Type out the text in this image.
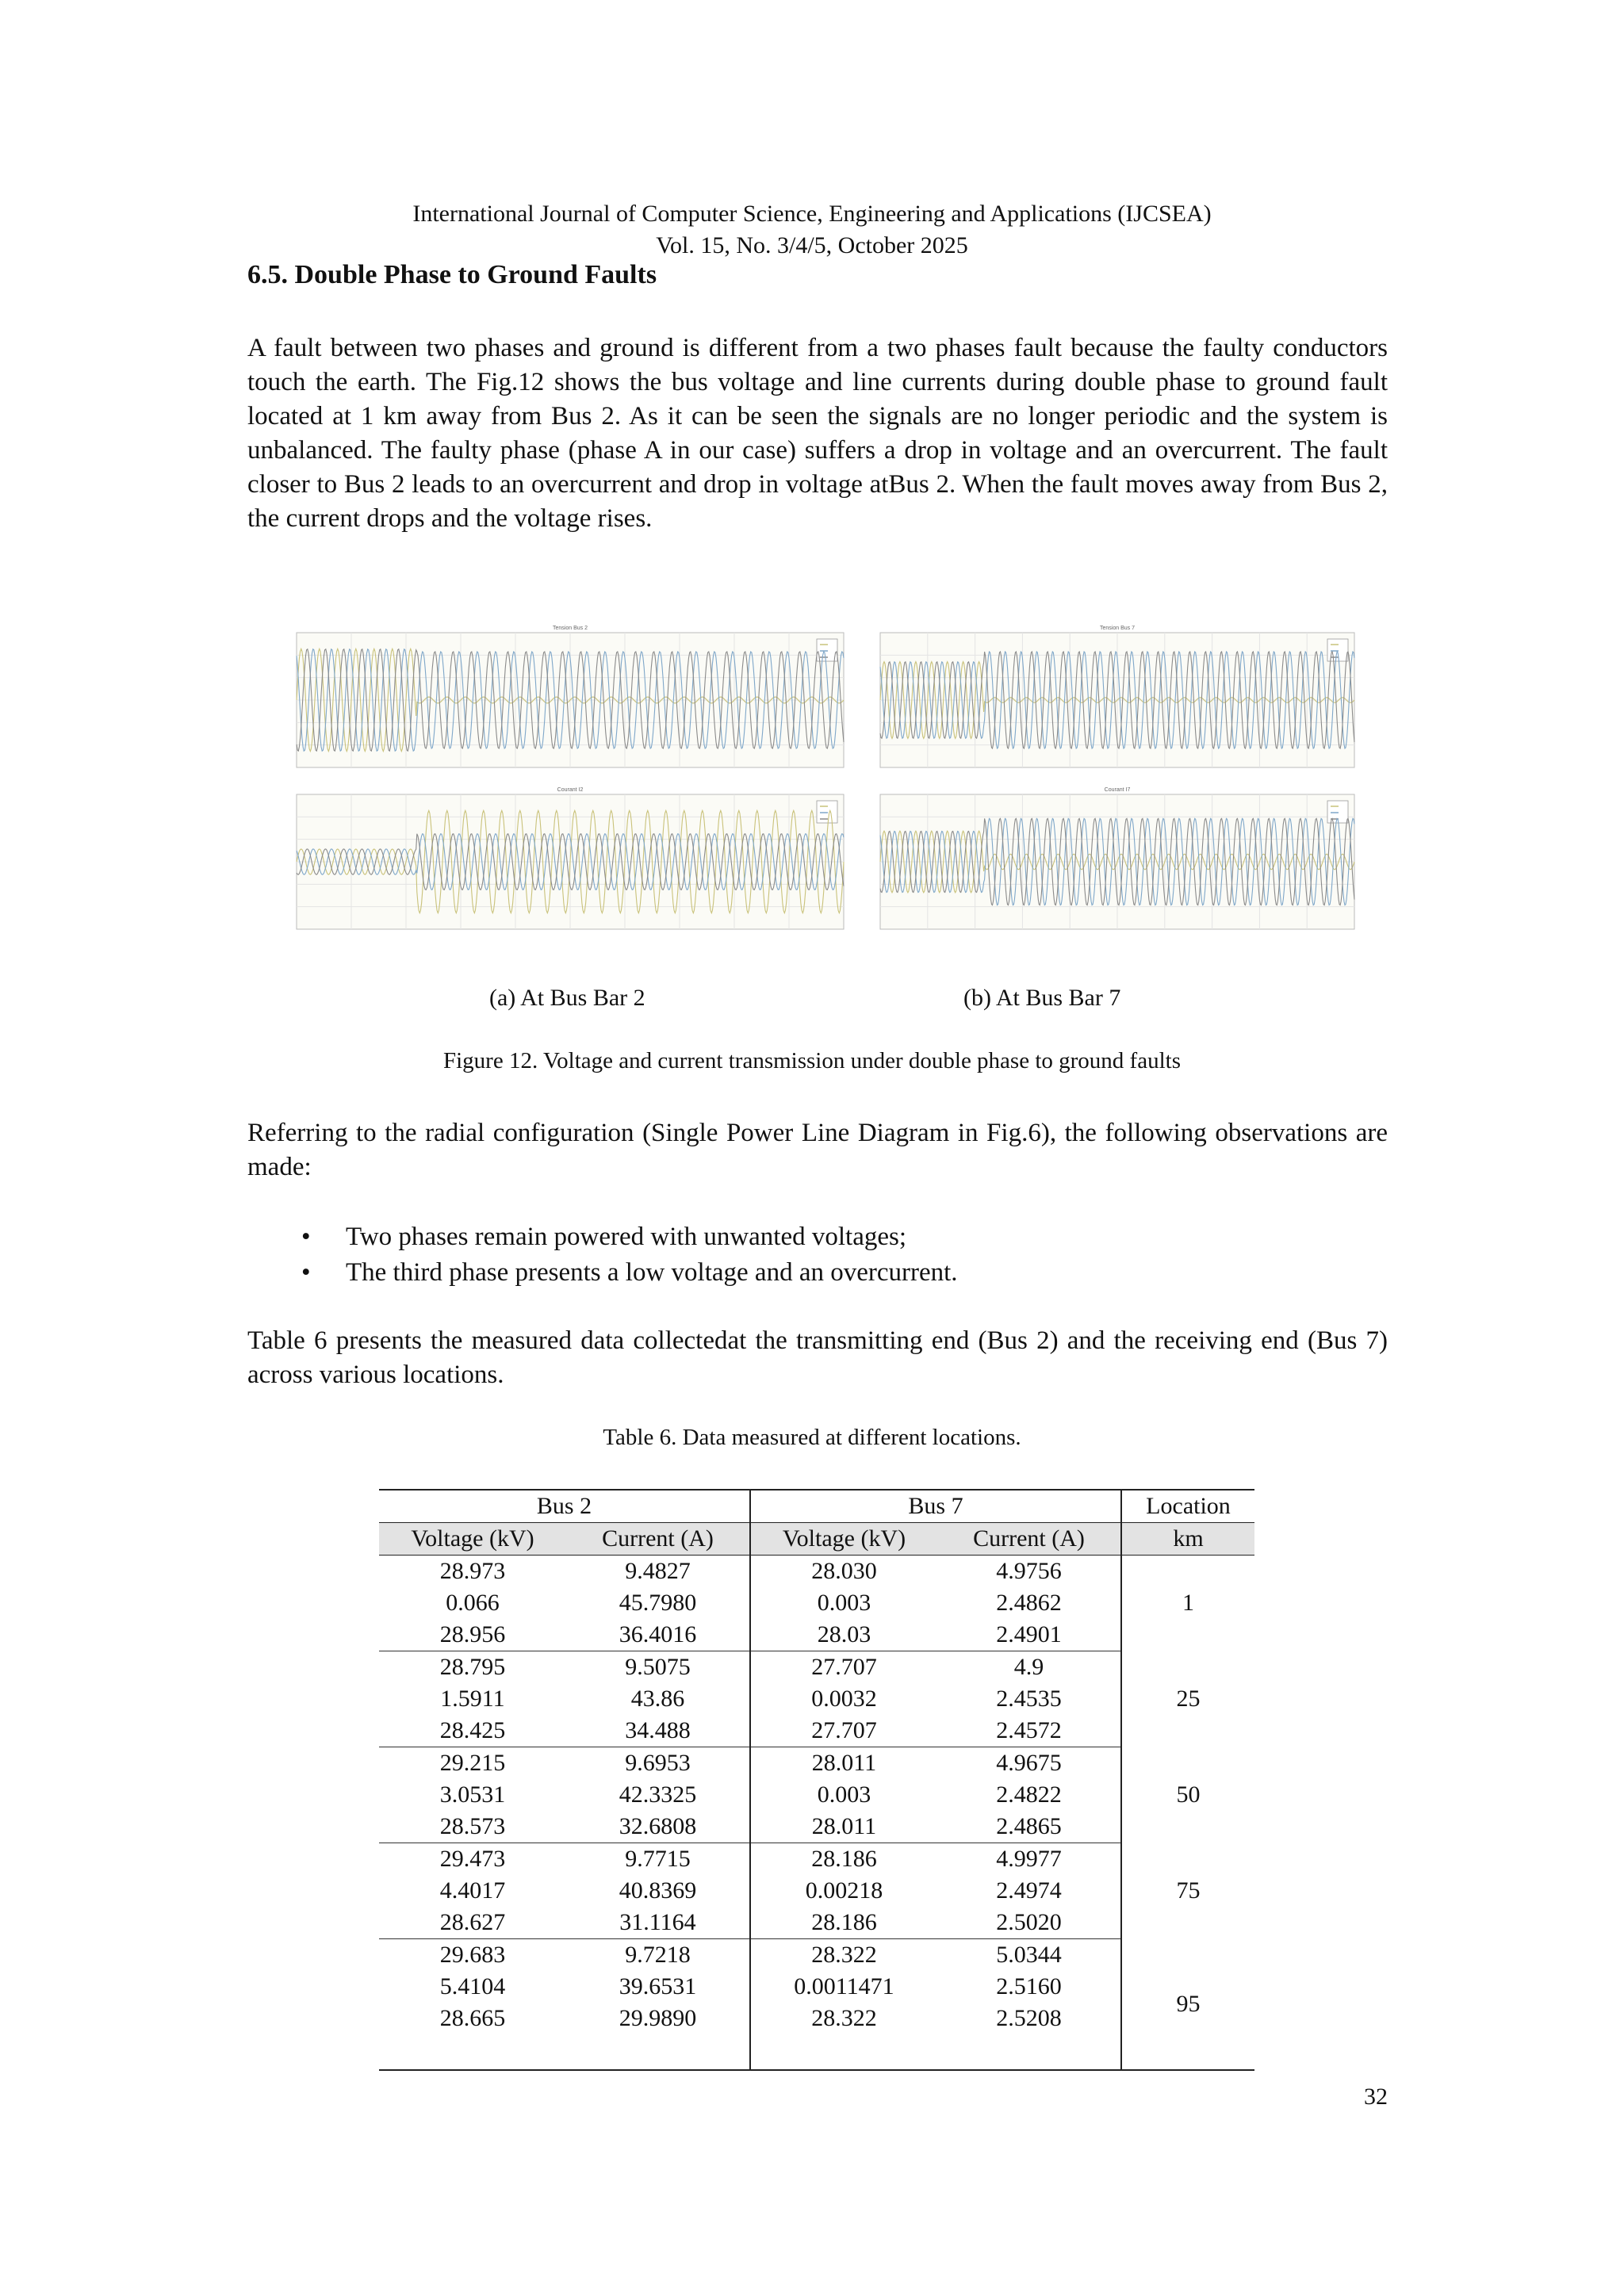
International Journal of Computer Science, Engineering and Applications (IJCSEA)
Vol. 15, No. 3/4/5, October 2025
6.5. Double Phase to Ground Faults

A fault between two phases and ground is different from a two phases fault because the faulty conductors touch the earth. The Fig.12 shows the bus voltage and line currents during double phase to ground fault located at 1 km away from Bus 2. As it can be seen the signals are no longer periodic and the system is unbalanced. The faulty phase (phase A in our case) suffers a drop in voltage and an overcurrent. The fault closer to Bus 2 leads to an overcurrent and drop in voltage atBus 2. When the fault moves away from Bus 2, the current drops and the voltage rises.

Tension Bus 2
Courant I2
Tension Bus 7
Courant I7
(a) At Bus Bar 2	(b) At Bus Bar 7
Figure 12. Voltage and current transmission under double phase to ground faults

Referring to the radial configuration (Single Power Line Diagram in Fig.6), the following observations are made:

• Two phases remain powered with unwanted voltages;
• The third phase presents a low voltage and an overcurrent.

Table 6 presents the measured data collectedat the transmitting end (Bus 2) and the receiving end (Bus 7) across various locations.

Table 6. Data measured at different locations.
Bus 2		Bus 7		Location
Voltage (kV)	Current (A)	Voltage (kV)	Current (A)	km
28.973	9.4827	28.030	4.9756	1
0.066	45.7980	0.003	2.4862	
28.956	36.4016	28.03	2.4901	
28.795	9.5075	27.707	4.9	25
1.5911	43.86	0.0032	2.4535	
28.425	34.488	27.707	2.4572	
29.215	9.6953	28.011	4.9675	50
3.0531	42.3325	0.003	2.4822	
28.573	32.6808	28.011	2.4865	
29.473	9.7715	28.186	4.9977	75
4.4017	40.8369	0.00218	2.4974	
28.627	31.1164	28.186	2.5020	
29.683	9.7218	28.322	5.0344	95
5.4104	39.6531	0.0011471	2.5160	
28.665	29.9890	28.322	2.5208	

32
